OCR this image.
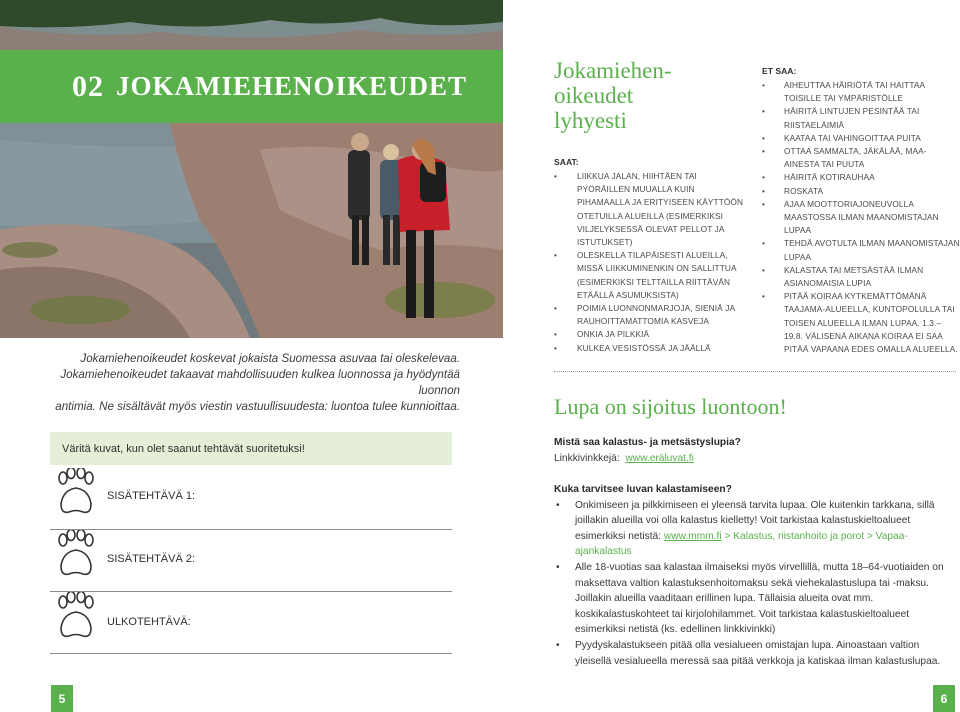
02 JOKAMIEHENOIKEUDET
Jokamiehenoikeudet koskevat jokaista Suomessa asuvaa tai oleskelevaa.
Jokamiehenoikeudet takaavat mahdollisuuden kulkea luonnossa ja hyödyntää luonnon
antimia. Ne sisältävät myös viestin vastuullisuudesta: luontoa tulee kunnioittaa.
Väritä kuvat, kun olet saanut tehtävät suoritetuksi!
SISÄTEHTÄVÄ 1:
SISÄTEHTÄVÄ 2:
ULKOTEHTÄVÄ:
5
Jokamiehen-
oikeudet
lyhyesti
SAAT:
• LIIKKUA JALAN, HIIHTÄEN TAI PYÖRÄILLEN MUUALLA KUIN PIHAMAALLA JA ERITYISEEN KÄYTTÖÖN OTETUILLA ALUEILLA (ESIMERKIKSI VILJELYKSESSÄ OLEVAT PELLOT JA ISTUTUKSET)
• OLESKELLA TILAPÄISESTI ALUEILLA, MISSÄ LIIKKUMINENKIN ON SALLITTUA (ESIMERKIKSI TELTTAILLA RIITTÄVÄN ETÄÄLLÄ ASUMUKSISTA)
• POIMIA LUONNONMARJOJA, SIENIÄ JA RAUHOITTAMATTOMIA KASVEJA
• ONKIA JA PILKKIÄ
• KULKEA VESISTÖSSÄ JA JÄÄLLÄ
ET SAA:
• AIHEUTTAA HÄIRIÖTÄ TAI HAITTAA TOISILLE TAI YMPÄRISTÖLLE
• HÄIRITÄ LINTUJEN PESINTÄÄ TAI RIISTAELÄIMIÄ
• KAATAA TAI VAHINGOITTAA PUITA
• OTTAA SAMMALTA, JÄKÄLÄÄ, MAA-AINESTA TAI PUUTA
• HÄIRITÄ KOTIRAUHAA
• ROSKATA
• AJAA MOOTTORIAJONEUVOLLA MAASTOSSA ILMAN MAANOMISTAJAN LUPAA
• TEHDÄ AVOTULTA ILMAN MAANOMISTAJAN LUPAA
• KALASTAA TAI METSÄSTÄÄ ILMAN ASIANOMAISIA LUPIA
• PITÄÄ KOIRAA KYTKEMÄTTÖMÄNÄ TAAJAMA-ALUEELLA, KUNTOPOLULLA TAI TOISEN ALUEELLA ILMAN LUPAA. 1.3.–19.8. VÄLISENÄ AIKANA KOIRAA EI SAA PITÄÄ VAPAANA EDES OMALLA ALUEELLA.
Lupa on sijoitus luontoon!
Mistä saa kalastus- ja metsästyslupia?
Linkkivinkkejä: www.eräluvat.fi
Kuka tarvitsee luvan kalastamiseen?
• Onkimiseen ja pilkkimiseen ei yleensä tarvita lupaa. Ole kuitenkin tarkkana, sillä joillakin alueilla voi olla kalastus kielletty! Voit tarkistaa kalastuskieltoalueet esimerkiksi netistä: www.mmm.fi > Kalastus, riistanhoito ja porot > Vapaa-ajankalastus
• Alle 18-vuotias saa kalastaa ilmaiseksi myös virvellillä, mutta 18–64-vuotiaiden on maksettava valtion kalastuksenhoitomaksu sekä viehekalastuslupa tai -maksu. Joillakin alueilla vaaditaan erillinen lupa. Tällaisia alueita ovat mm. koskikalastuskohteet tai kirjolohilammet. Voit tarkistaa kalastuskieltoalueet esimerkiksi netistä (ks. edellinen linkkivinkki)
• Pyydyskalastukseen pitää olla vesialueen omistajan lupa. Ainoastaan valtion yleisellä vesialueella meressä saa pitää verkkoja ja katiskaa ilman kalastuslupaa.
6
